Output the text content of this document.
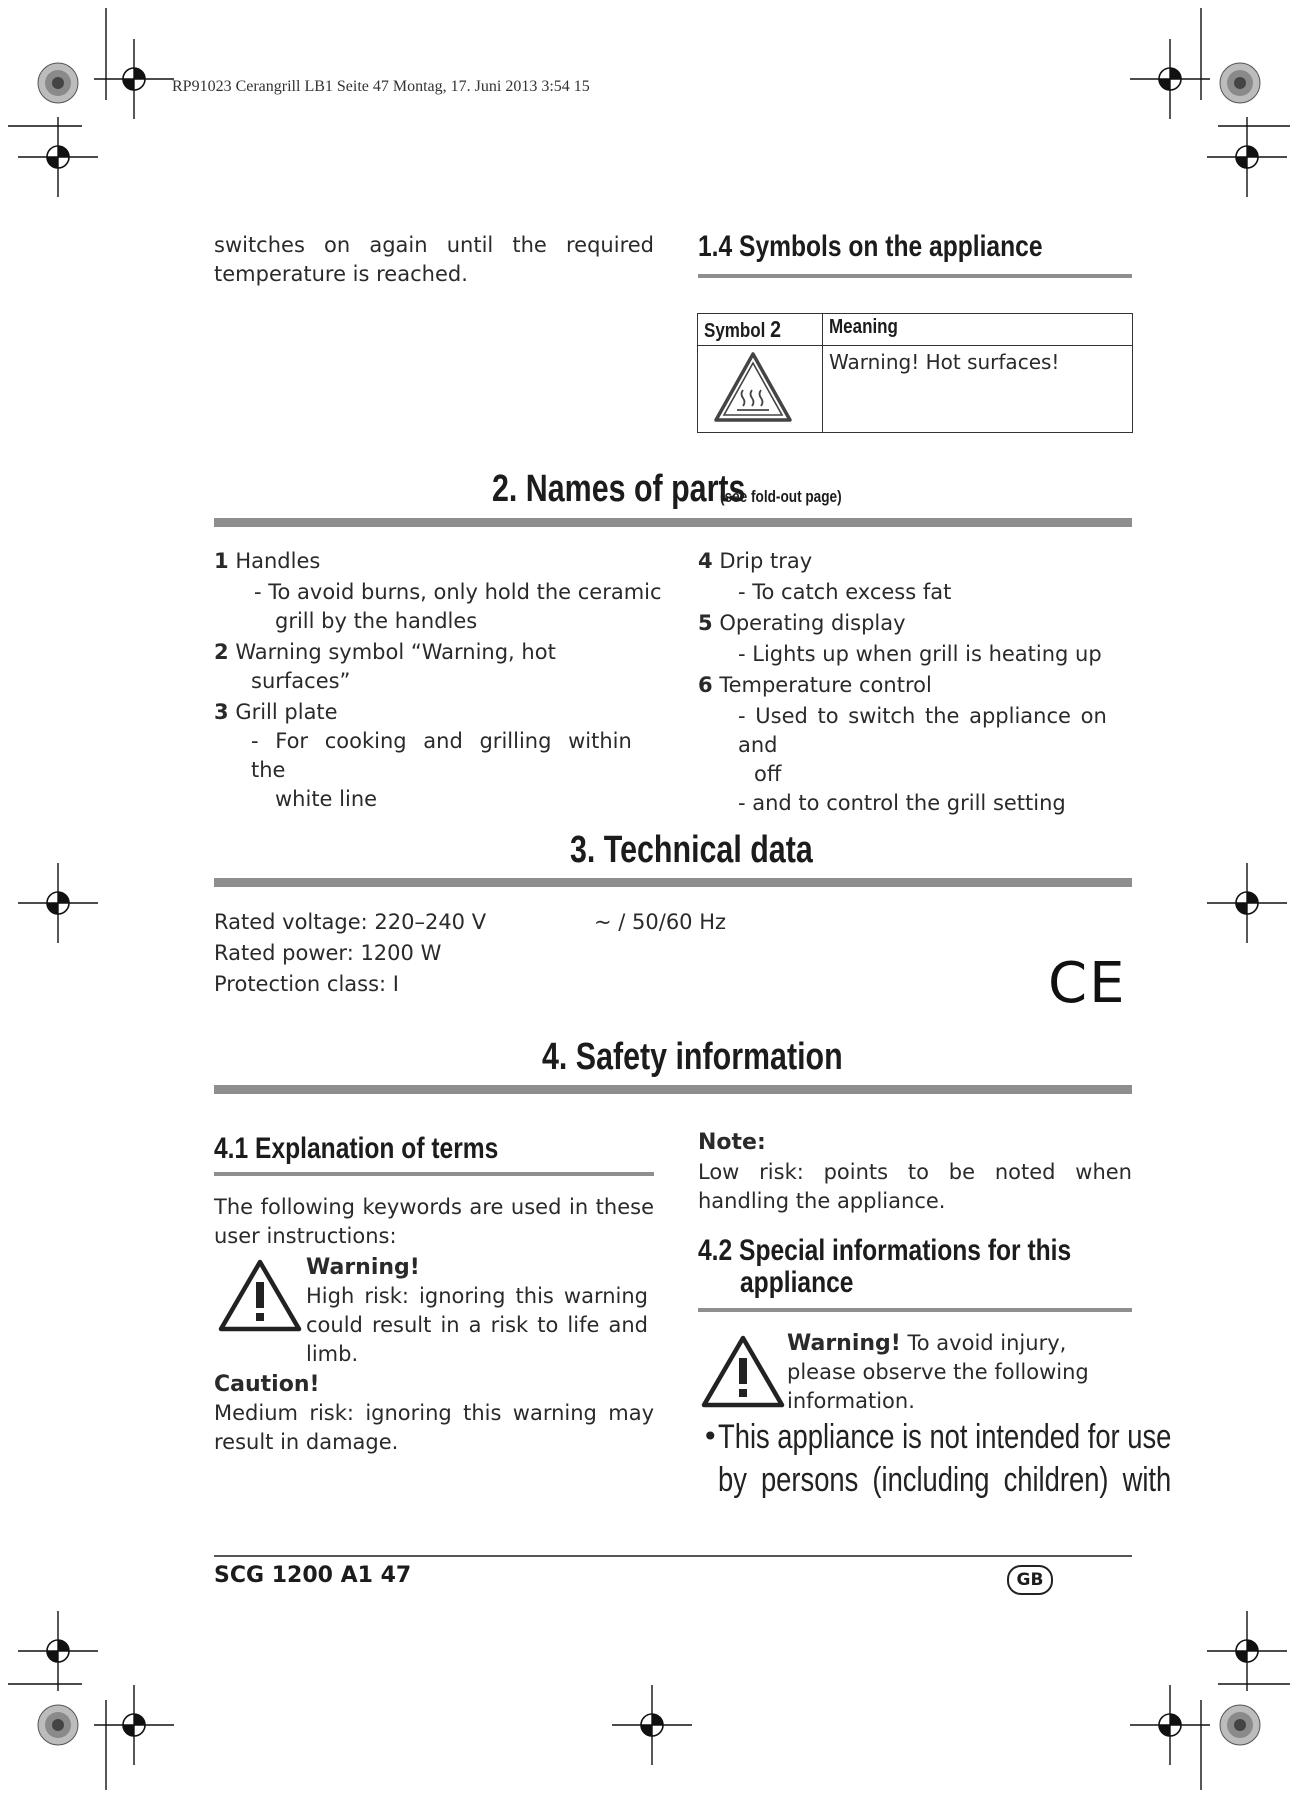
RP91023 Cerangrill LB1 Seite 47 Montag, 17. Juni 2013 3:54 15
switches on again until the required temperature is reached.
1.4 Symbols on the appliance
Symbol 2	Meaning
	Warning! Hot surfaces!
2. Names of parts
(see fold-out page)
1 Handles
- To avoid burns, only hold the ceramic
grill by the handles
2 Warning symbol “Warning, hot
surfaces”
3 Grill plate
- For cooking and grilling within the
white line
4 Drip tray
- To catch excess fat
5 Operating display
- Lights up when grill is heating up
6 Temperature control
- Used to switch the appliance on and
off
- and to control the grill setting
3. Technical data
Rated voltage: 220–240 V	~ / 50/60 Hz
Rated power: 1200 W
Protection class: I	CE
4. Safety information
4.1 Explanation of terms
The following keywords are used in these user instructions:
Warning!
High risk: ignoring this warning could result in a risk to life and limb.
Caution!
Medium risk: ignoring this warning may result in damage.
Note:
Low risk: points to be noted when handling the appliance.
4.2 Special informations for this
appliance
Warning! To avoid injury, please observe the following information.
• This appliance is not intended for use
by persons (including children) with
SCG 1200 A1 47	GB
